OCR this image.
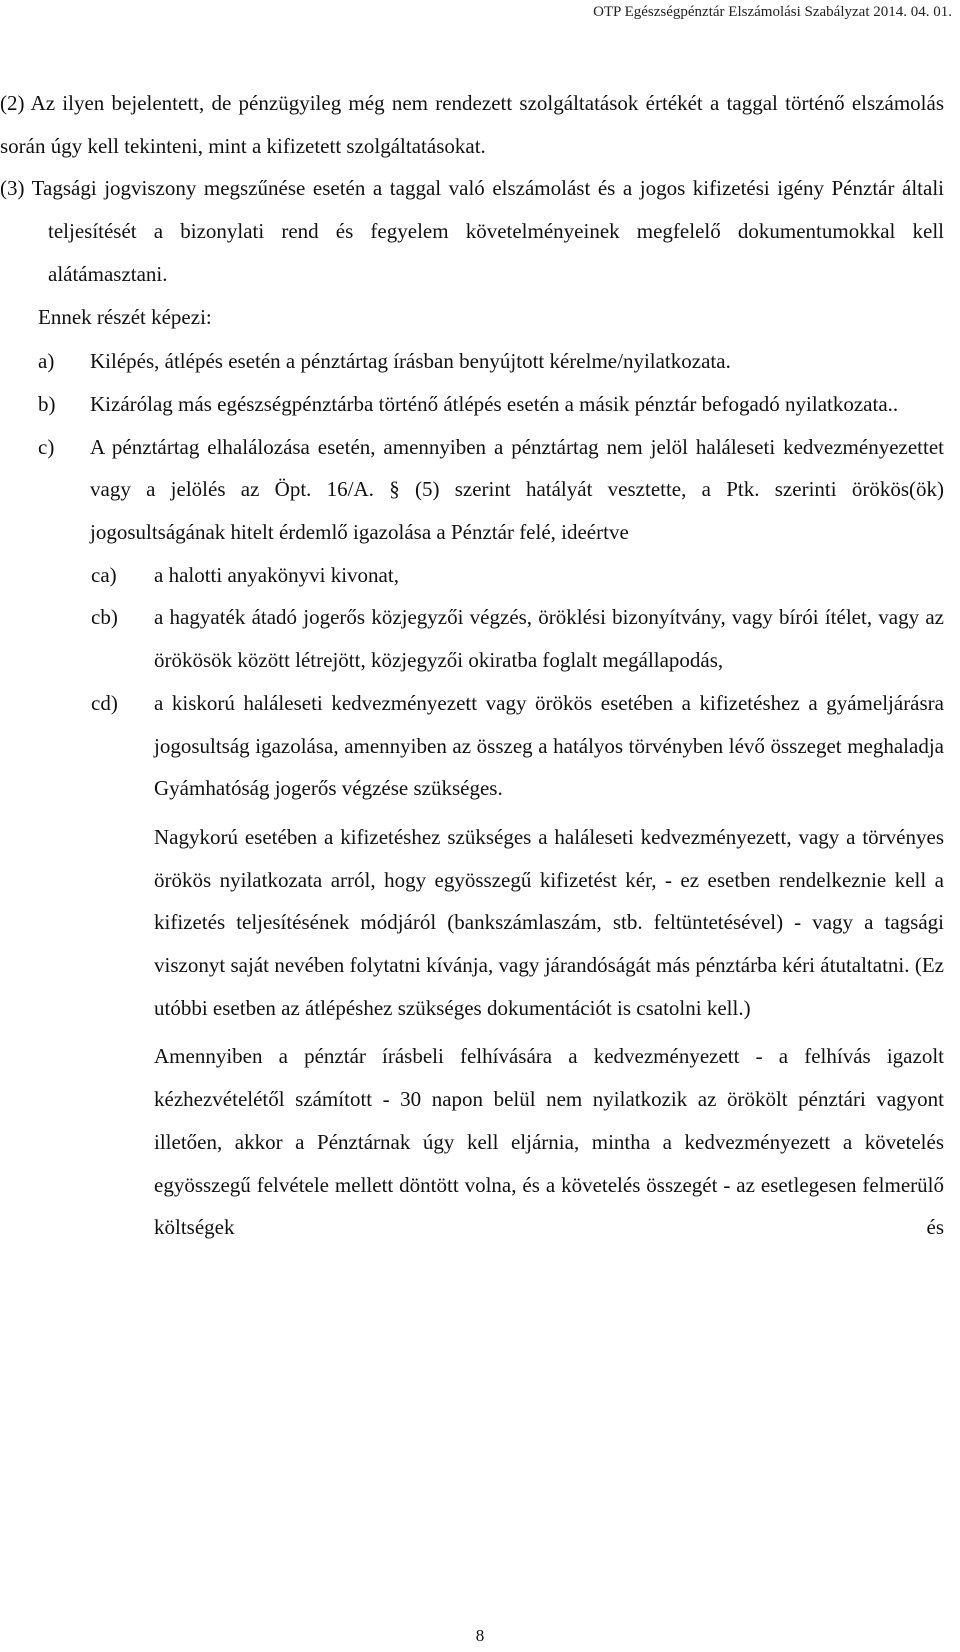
OTP Egészségpénztár Elszámolási Szabályzat 2014. 04. 01.

(2) Az ilyen bejelentett, de pénzügyileg még nem rendezett szolgáltatások értékét a taggal történő elszámolás során úgy kell tekinteni, mint a kifizetett szolgáltatásokat.

(3) Tagsági jogviszony megszűnése esetén a taggal való elszámolást és a jogos kifizetési igény Pénztár általi teljesítését a bizonylati rend és fegyelem követelményeinek megfelelő dokumentumokkal kell alátámasztani.

Ennek részét képezi:

a)	Kilépés, átlépés esetén a pénztártag írásban benyújtott kérelme/nyilatkozata.

b)	Kizárólag más egészségpénztárba történő átlépés esetén a másik pénztár befogadó nyilatkozata..

c)	A pénztártag elhalálozása esetén, amennyiben a pénztártag nem jelöl haláleseti kedvezményezettet vagy a jelölés az Öpt. 16/A. § (5) szerint hatályát vesztette, a Ptk. szerinti örökös(ök) jogosultságának hitelt érdemlő igazolása a Pénztár felé, ideértve

ca)	a halotti anyakönyvi kivonat,

cb)	a hagyaték átadó jogerős közjegyzői végzés, öröklési bizonyítvány, vagy bírói ítélet, vagy az örökösök között létrejött, közjegyzői okiratba foglalt megállapodás,

cd)	a kiskorú haláleseti kedvezményezett vagy örökös esetében a kifizetéshez a gyámeljárásra jogosultság igazolása, amennyiben az összeg a hatályos törvényben lévő összeget meghaladja Gyámhatóság jogerős végzése szükséges.

Nagykorú esetében a kifizetéshez szükséges a haláleseti kedvezményezett, vagy a törvényes örökös nyilatkozata arról, hogy egyösszegű kifizetést kér, - ez esetben rendelkeznie kell a kifizetés teljesítésének módjáról (bankszámlaszám, stb. feltüntetésével) - vagy a tagsági viszonyt saját nevében folytatni kívánja, vagy járandóságát más pénztárba kéri átutaltatni. (Ez utóbbi esetben az átlépéshez szükséges dokumentációt is csatolni kell.)

Amennyiben a pénztár írásbeli felhívására a kedvezményezett - a felhívás igazolt kézhezvételétől számított - 30 napon belül nem nyilatkozik az örökölt pénztári vagyont illetően, akkor a Pénztárnak úgy kell eljárnia, mintha a kedvezményezett a követelés egyösszegű felvétele mellett döntött volna, és a követelés összegét - az esetlegesen felmerülő költségek és

8
